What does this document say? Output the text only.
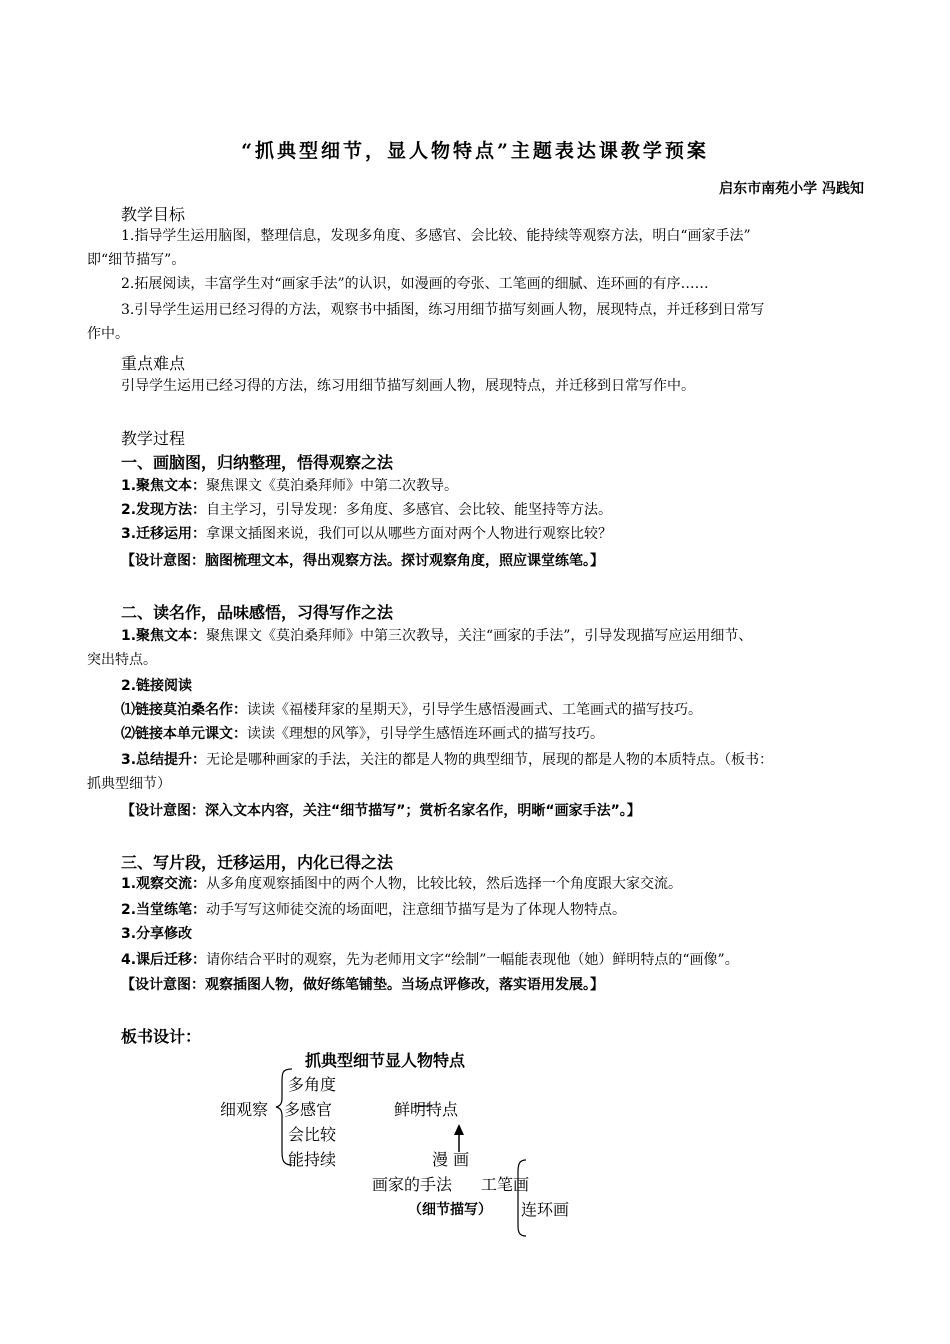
“抓典型细节，显人物特点”主题表达课教学预案
启东市南苑小学 冯践知
教学目标
1.指导学生运用脑图，整理信息，发现多角度、多感官、会比较、能持续等观察方法，明白“画家手法”
即“细节描写”。
2.拓展阅读，丰富学生对“画家手法”的认识，如漫画的夸张、工笔画的细腻、连环画的有序……
3.引导学生运用已经习得的方法，观察书中插图，练习用细节描写刻画人物，展现特点，并迁移到日常写
作中。
重点难点
引导学生运用已经习得的方法，练习用细节描写刻画人物，展现特点，并迁移到日常写作中。
教学过程
一、画脑图，归纳整理，悟得观察之法
1.聚焦文本：聚焦课文《莫泊桑拜师》中第二次教导。
2.发现方法：自主学习，引导发现：多角度、多感官、会比较、能坚持等方法。
3.迁移运用：拿课文插图来说，我们可以从哪些方面对两个人物进行观察比较？
【设计意图：脑图梳理文本，得出观察方法。探讨观察角度，照应课堂练笔。】
二、读名作，品味感悟，习得写作之法
1.聚焦文本：聚焦课文《莫泊桑拜师》中第三次教导，关注“画家的手法”，引导发现描写应运用细节、
突出特点。
2.链接阅读
⑴链接莫泊桑名作：读读《福楼拜家的星期天》，引导学生感悟漫画式、工笔画式的描写技巧。
⑵链接本单元课文：读读《理想的风筝》，引导学生感悟连环画式的描写技巧。
3.总结提升：无论是哪种画家的手法，关注的都是人物的典型细节，展现的都是人物的本质特点。（板书：
抓典型细节）
【设计意图：深入文本内容，关注“细节描写”；赏析名家名作，明晰“画家手法”。】
三、写片段，迁移运用，内化已得之法
1.观察交流：从多角度观察插图中的两个人物，比较比较，然后选择一个角度跟大家交流。
2.当堂练笔：动手写写这师徒交流的场面吧，注意细节描写是为了体现人物特点。
3.分享修改
4.课后迁移：请你结合平时的观察，先为老师用文字“绘制”一幅能表现他（她）鲜明特点的“画像”。
【设计意图：观察插图人物，做好练笔铺垫。当场点评修改，落实语用发展。】
板书设计：
抓典型细节显人物特点
多角度
细观察 多感官	鲜明特点
会比较
能持续	漫 画
画家的手法 工笔画
（细节描写） 连环画
